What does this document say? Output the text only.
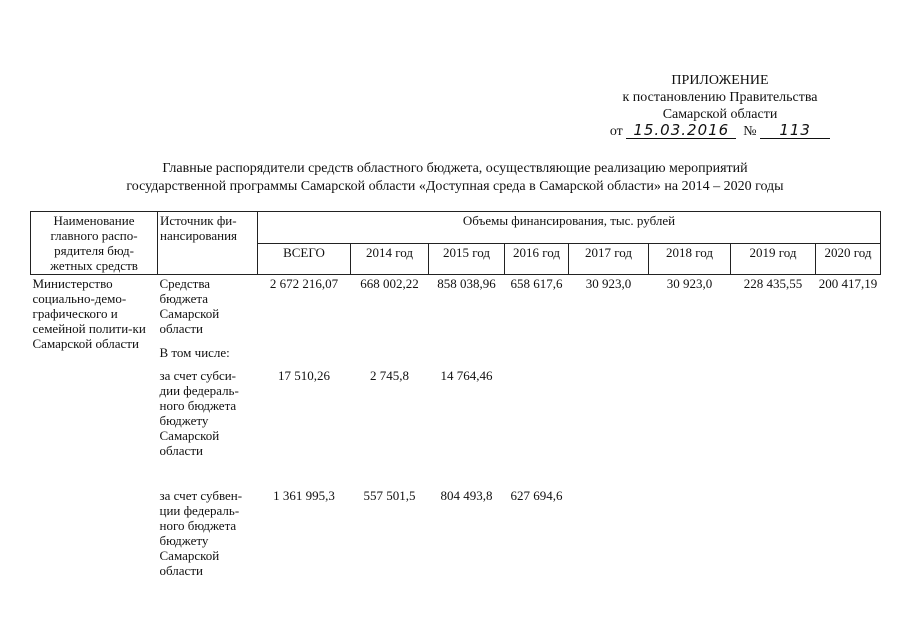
ПРИЛОЖЕНИЕ
к постановлению Правительства
Самарской области
от 15.03.2016 № 113
Главные распорядители средств областного бюджета, осуществляющие реализацию мероприятий
государственной программы Самарской области «Доступная среда в Самарской области» на 2014 – 2020 годы
Наименование главного распо-рядителя бюд-жетных средств	Источник фи-нансирования	Объемы финансирования, тыс. рублей							
		ВСЕГО	2014 год	2015 год	2016 год	2017 год	2018 год	2019 год	2020 год
Министерство социально-демо-графического и семейной полити-ки Самарской области	Средства бюджета Самарской области	2 672 216,07	668 002,22	858 038,96	658 617,6	30 923,0	30 923,0	228 435,55	200 417,19
	В том числе:								
	за счет субси-дии федераль-ного бюджета бюджету Самарской области	17 510,26	2 745,8	14 764,46					
	за счет субвен-ции федераль-ного бюджета бюджету Самарской области	1 361 995,3	557 501,5	804 493,8	627 694,6				
